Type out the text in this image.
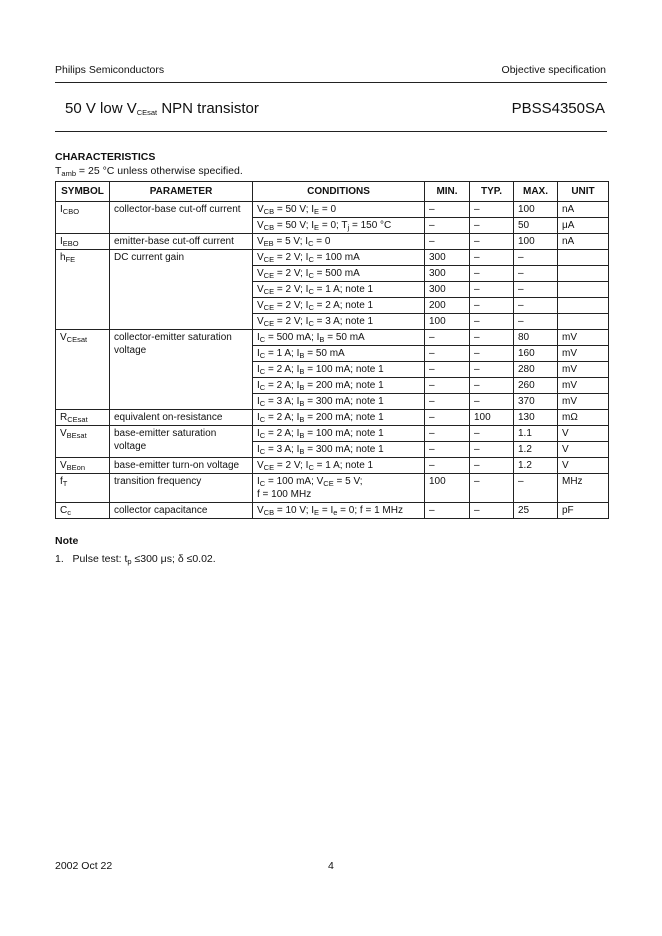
Philips Semiconductors	Objective specification
50 V low $V_{CEsat}$ NPN transistor	PBSS4350SA
CHARACTERISTICS
$T_{amb} = 25$ °C unless otherwise specified.
SYMBOL	PARAMETER	CONDITIONS	MIN.	TYP.	MAX.	UNIT
$I_{CBO}$	collector-base cut-off current	$V_{CB} = 50$ V; $I_E = 0$	–	–	100	nA
		$V_{CB} = 50$ V; $I_E = 0$; $T_j = 150$ °C	–	–	50	μA
$I_{EBO}$	emitter-base cut-off current	$V_{EB} = 5$ V; $I_C = 0$	–	–	100	nA
$h_{FE}$	DC current gain	$V_{CE} = 2$ V; $I_C = 100$ mA	300	–	–	
		$V_{CE} = 2$ V; $I_C = 500$ mA	300	–	–	
		$V_{CE} = 2$ V; $I_C = 1$ A; note 1	300	–	–	
		$V_{CE} = 2$ V; $I_C = 2$ A; note 1	200	–	–	
		$V_{CE} = 2$ V; $I_C = 3$ A; note 1	100	–	–	
$V_{CEsat}$	collector-emitter saturation voltage	$I_C = 500$ mA; $I_B = 50$ mA	–	–	80	mV
		$I_C = 1$ A; $I_B = 50$ mA	–	–	160	mV
		$I_C = 2$ A; $I_B = 100$ mA; note 1	–	–	280	mV
		$I_C = 2$ A; $I_B = 200$ mA; note 1	–	–	260	mV
		$I_C = 3$ A; $I_B = 300$ mA; note 1	–	–	370	mV
$R_{CEsat}$	equivalent on-resistance	$I_C = 2$ A; $I_B = 200$ mA; note 1	–	100	130	mΩ
$V_{BEsat}$	base-emitter saturation voltage	$I_C = 2$ A; $I_B = 100$ mA; note 1	–	–	1.1	V
		$I_C = 3$ A; $I_B = 300$ mA; note 1	–	–	1.2	V
$V_{BEon}$	base-emitter turn-on voltage	$V_{CE} = 2$ V; $I_C = 1$ A; note 1	–	–	1.2	V
$f_T$	transition frequency	$I_C = 100$ mA; $V_{CE} = 5$ V;
f = 100 MHz	100	–	–	MHz
$C_c$	collector capacitance	$V_{CB} = 10$ V; $I_E = I_e = 0$; f = 1 MHz	–	–	25	pF
Note
1. Pulse test: $t_p \le 300$ μs; δ ≤0.02.
2002 Oct 22	4
